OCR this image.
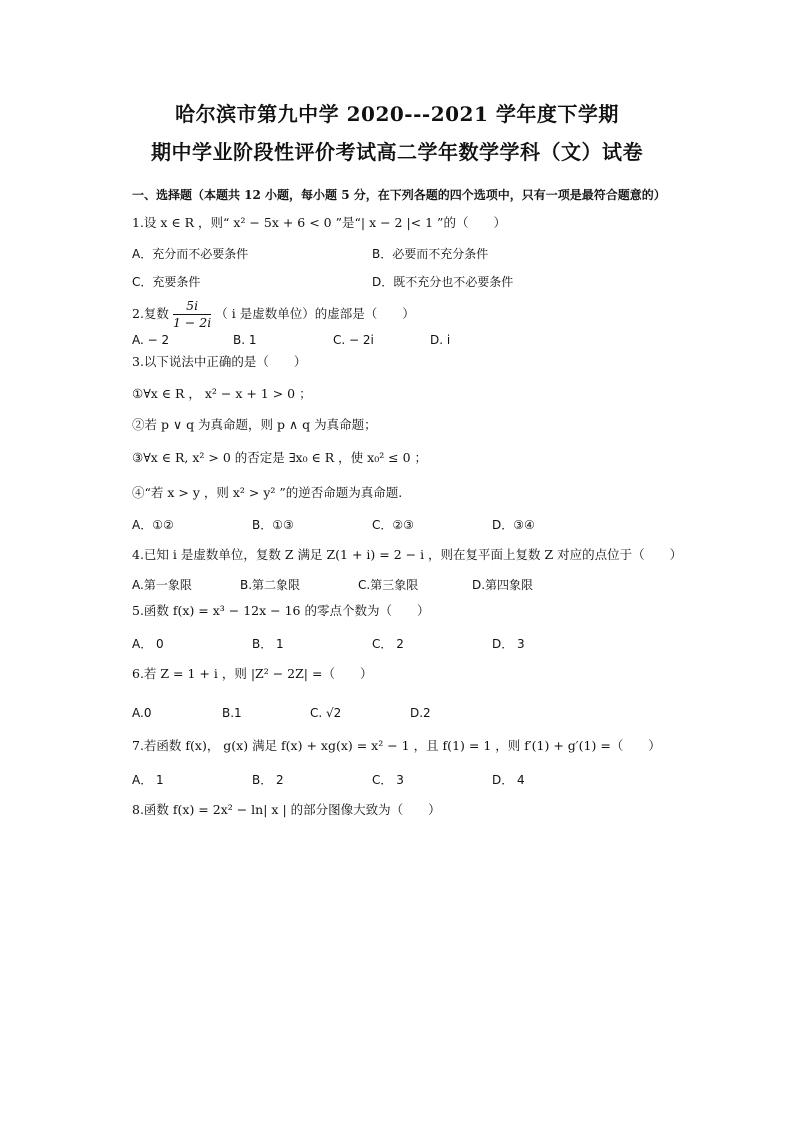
哈尔滨市第九中学 2020---2021 学年度下学期
期中学业阶段性评价考试高二学年数学学科（文）试卷
一、选择题（本题共 12 小题，每小题 5 分，在下列各题的四个选项中，只有一项是最符合题意的）
1.设 x ∈ R ，则“ x² − 5x + 6 < 0 ”是“| x − 2 |< 1 ”的（　　）
A．充分而不必要条件	B．必要而不充分条件
C．充要条件	D．既不充分也不必要条件
2.复数 $\frac{5i}{1 - 2i}$ （ i 是虚数单位）的虚部是（　　）
A. − 2	B. 1	C. − 2i	D. i
3.以下说法中正确的是（　　）
①∀x ∈ R ， x² − x + 1 > 0 ；
②若 p ∨ q 为真命题，则 p ∧ q 为真命题；
③∀x ∈ R, x² > 0 的否定是 ∃x₀ ∈ R ，使 x₀² ≤ 0 ；
④“若 x > y ，则 x² > y² ”的逆否命题为真命题.
A．①②	B．①③	C．②③	D．③④
4.已知 i 是虚数单位，复数 Z 满足 Z(1 + i) = 2 − i ，则在复平面上复数 Z 对应的点位于（　　）
A.第一象限	B.第二象限	C.第三象限	D.第四象限
5.函数 f(x) = x³ − 12x − 16 的零点个数为（　　）
A． 0	B． 1	C． 2	D． 3
6.若 Z = 1 + i ，则 |Z² − 2Z| =（　　）
A.0	B.1	C. √2	D.2
7.若函数 f(x)， g(x) 满足 f(x) + xg(x) = x² − 1 ，且 f(1) = 1 ，则 f′(1) + g′(1) =（　　）
A． 1	B． 2	C． 3	D． 4
8.函数 f(x) = 2x² − ln| x | 的部分图像大致为（　　）
